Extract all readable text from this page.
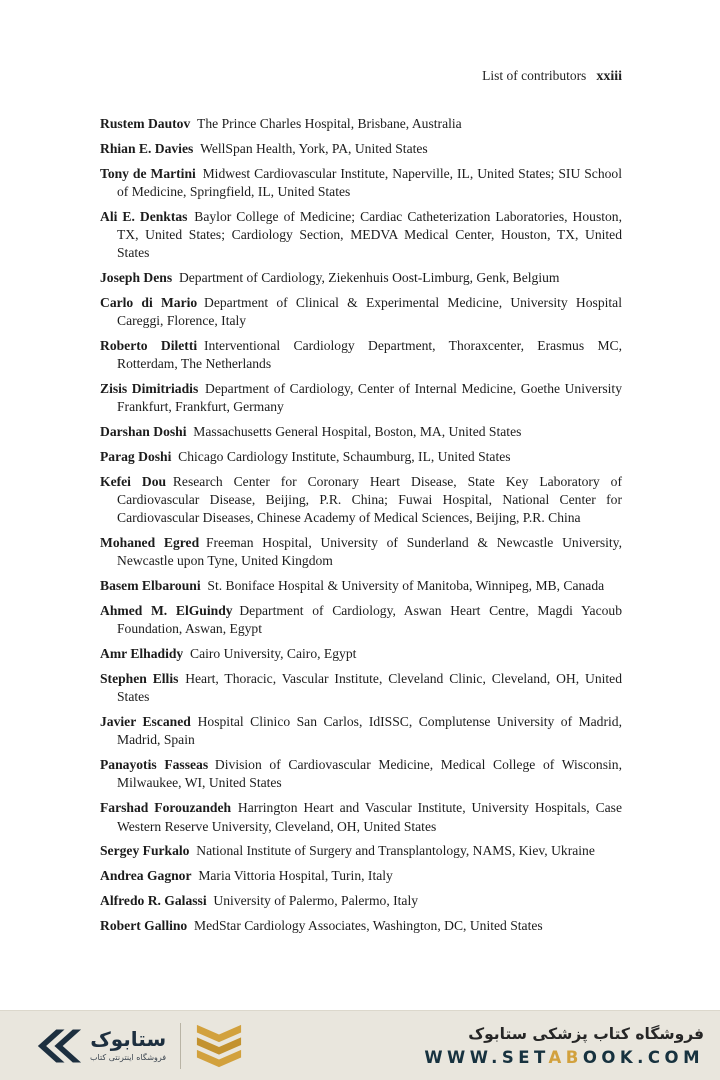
List of contributors xxiii

Rustem Dautov The Prince Charles Hospital, Brisbane, Australia

Rhian E. Davies WellSpan Health, York, PA, United States

Tony de Martini Midwest Cardiovascular Institute, Naperville, IL, United States; SIU School of Medicine, Springfield, IL, United States

Ali E. Denktas Baylor College of Medicine; Cardiac Catheterization Laboratories, Houston, TX, United States; Cardiology Section, MEDVA Medical Center, Houston, TX, United States

Joseph Dens Department of Cardiology, Ziekenhuis Oost-Limburg, Genk, Belgium

Carlo di Mario Department of Clinical & Experimental Medicine, University Hospital Careggi, Florence, Italy

Roberto Diletti Interventional Cardiology Department, Thoraxcenter, Erasmus MC, Rotterdam, The Netherlands

Zisis Dimitriadis Department of Cardiology, Center of Internal Medicine, Goethe University Frankfurt, Frankfurt, Germany

Darshan Doshi Massachusetts General Hospital, Boston, MA, United States

Parag Doshi Chicago Cardiology Institute, Schaumburg, IL, United States

Kefei Dou Research Center for Coronary Heart Disease, State Key Laboratory of Cardiovascular Disease, Beijing, P.R. China; Fuwai Hospital, National Center for Cardiovascular Diseases, Chinese Academy of Medical Sciences, Beijing, P.R. China

Mohaned Egred Freeman Hospital, University of Sunderland & Newcastle University, Newcastle upon Tyne, United Kingdom

Basem Elbarouni St. Boniface Hospital & University of Manitoba, Winnipeg, MB, Canada

Ahmed M. ElGuindy Department of Cardiology, Aswan Heart Centre, Magdi Yacoub Foundation, Aswan, Egypt

Amr Elhadidy Cairo University, Cairo, Egypt

Stephen Ellis Heart, Thoracic, Vascular Institute, Cleveland Clinic, Cleveland, OH, United States

Javier Escaned Hospital Clinico San Carlos, IdISSC, Complutense University of Madrid, Madrid, Spain

Panayotis Fasseas Division of Cardiovascular Medicine, Medical College of Wisconsin, Milwaukee, WI, United States

Farshad Forouzandeh Harrington Heart and Vascular Institute, University Hospitals, Case Western Reserve University, Cleveland, OH, United States

Sergey Furkalo National Institute of Surgery and Transplantology, NAMS, Kiev, Ukraine

Andrea Gagnor Maria Vittoria Hospital, Turin, Italy

Alfredo R. Galassi University of Palermo, Palermo, Italy

Robert Gallino MedStar Cardiology Associates, Washington, DC, United States

ستابوک
فروشگاه اینترنتی کتاب
فروشگاه کتاب پزشکی ستابوک
WWW.SETABOOK.COM
